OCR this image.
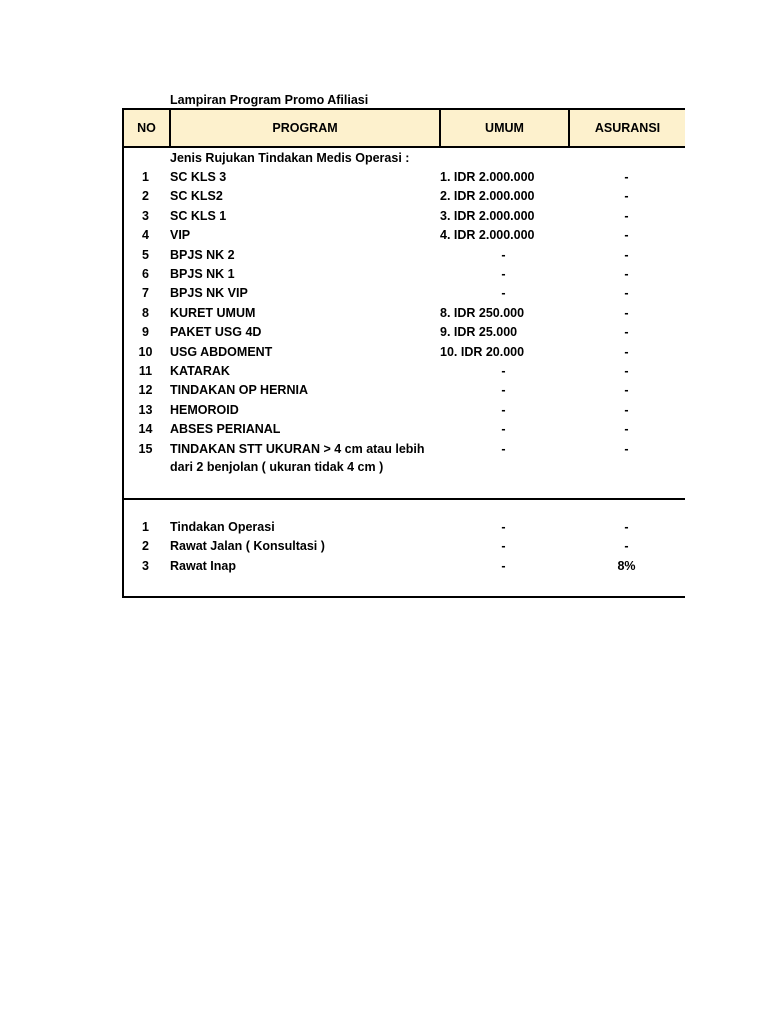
Lampiran Program Promo Afiliasi
NO	PROGRAM	UMUM	ASURANSI
Jenis Rujukan Tindakan Medis Operasi :
1	SC KLS 3	1. IDR 2.000.000	-
2	SC KLS2	2. IDR 2.000.000	-
3	SC KLS 1	3. IDR 2.000.000	-
4	VIP	4. IDR 2.000.000	-
5	BPJS NK 2	-	-
6	BPJS NK 1	-	-
7	BPJS NK VIP	-	-
8	KURET UMUM	8. IDR 250.000	-
9	PAKET USG 4D	9. IDR 25.000	-
10	USG ABDOMENT	10. IDR 20.000	-
11	KATARAK	-	-
12	TINDAKAN OP HERNIA	-	-
13	HEMOROID	-	-
14	ABSES PERIANAL	-	-
15	TINDAKAN STT UKURAN > 4 cm atau lebih	-	-
dari 2 benjolan ( ukuran tidak 4 cm )
1	Tindakan Operasi	-	-
2	Rawat Jalan ( Konsultasi )	-	-
3	Rawat Inap	-	8%
